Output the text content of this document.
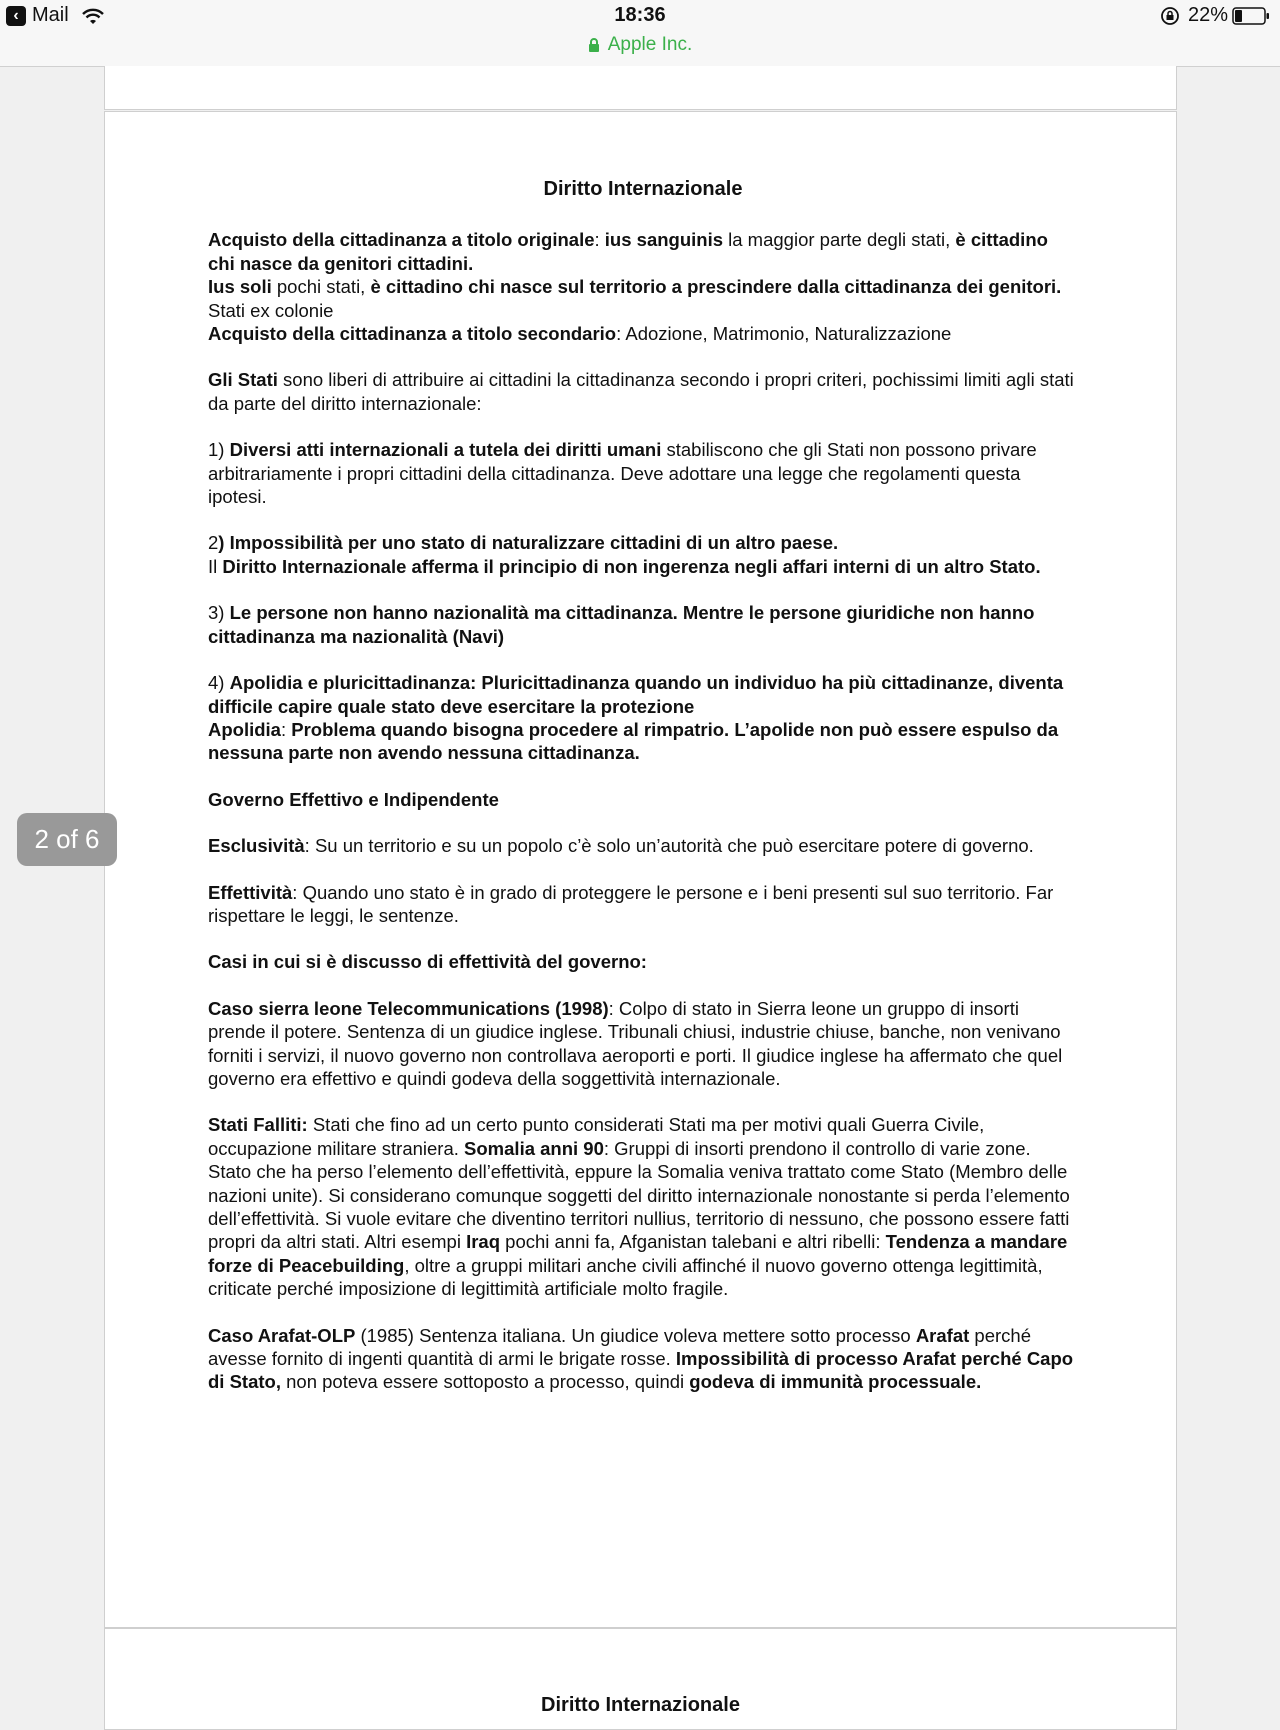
‹ Mail	18:36
Apple Inc.
22%

Diritto Internazionale

Acquisto della cittadinanza a titolo originale: ius sanguinis la maggior parte degli stati, è cittadino chi nasce da genitori cittadini.
Ius soli pochi stati, è cittadino chi nasce sul territorio a prescindere dalla cittadinanza dei genitori. Stati ex colonie
Acquisto della cittadinanza a titolo secondario: Adozione, Matrimonio, Naturalizzazione

Gli Stati sono liberi di attribuire ai cittadini la cittadinanza secondo i propri criteri, pochissimi limiti agli stati da parte del diritto internazionale:

1) Diversi atti internazionali a tutela dei diritti umani stabiliscono che gli Stati non possono privare arbitrariamente i propri cittadini della cittadinanza. Deve adottare una legge che regolamenti questa ipotesi.

2) Impossibilità per uno stato di naturalizzare cittadini di un altro paese.
Il Diritto Internazionale afferma il principio di non ingerenza negli affari interni di un altro Stato.

3) Le persone non hanno nazionalità ma cittadinanza. Mentre le persone giuridiche non hanno cittadinanza ma nazionalità (Navi)

4) Apolidia e pluricittadinanza: Pluricittadinanza quando un individuo ha più cittadinanze, diventa difficile capire quale stato deve esercitare la protezione
Apolidia: Problema quando bisogna procedere al rimpatrio. L’apolide non può essere espulso da nessuna parte non avendo nessuna cittadinanza.

Governo Effettivo e Indipendente

Esclusività: Su un territorio e su un popolo c’è solo un’autorità che può esercitare potere di governo.

Effettività: Quando uno stato è in grado di proteggere le persone e i beni presenti sul suo territorio. Far rispettare le leggi, le sentenze.

Casi in cui si è discusso di effettività del governo:

Caso sierra leone Telecommunications (1998): Colpo di stato in Sierra leone un gruppo di insorti prende il potere. Sentenza di un giudice inglese. Tribunali chiusi, industrie chiuse, banche, non venivano forniti i servizi, il nuovo governo non controllava aeroporti e porti. Il giudice inglese ha affermato che quel governo era effettivo e quindi godeva della soggettività internazionale.

Stati Falliti: Stati che fino ad un certo punto considerati Stati ma per motivi quali Guerra Civile, occupazione militare straniera. Somalia anni 90: Gruppi di insorti prendono il controllo di varie zone. Stato che ha perso l’elemento dell’effettività, eppure la Somalia veniva trattato come Stato (Membro delle nazioni unite). Si considerano comunque soggetti del diritto internazionale nonostante si perda l’elemento dell’effettività. Si vuole evitare che diventino territori nullius, territorio di nessuno, che possono essere fatti propri da altri stati. Altri esempi Iraq pochi anni fa, Afganistan talebani e altri ribelli: Tendenza a mandare forze di Peacebuilding, oltre a gruppi militari anche civili affinché il nuovo governo ottenga legittimità, criticate perché imposizione di legittimità artificiale molto fragile.

Caso Arafat-OLP (1985) Sentenza italiana. Un giudice voleva mettere sotto processo Arafat perché avesse fornito di ingenti quantità di armi le brigate rosse. Impossibilità di processo Arafat perché Capo di Stato, non poteva essere sottoposto a processo, quindi godeva di immunità processuale.

Diritto Internazionale
2 of 6
